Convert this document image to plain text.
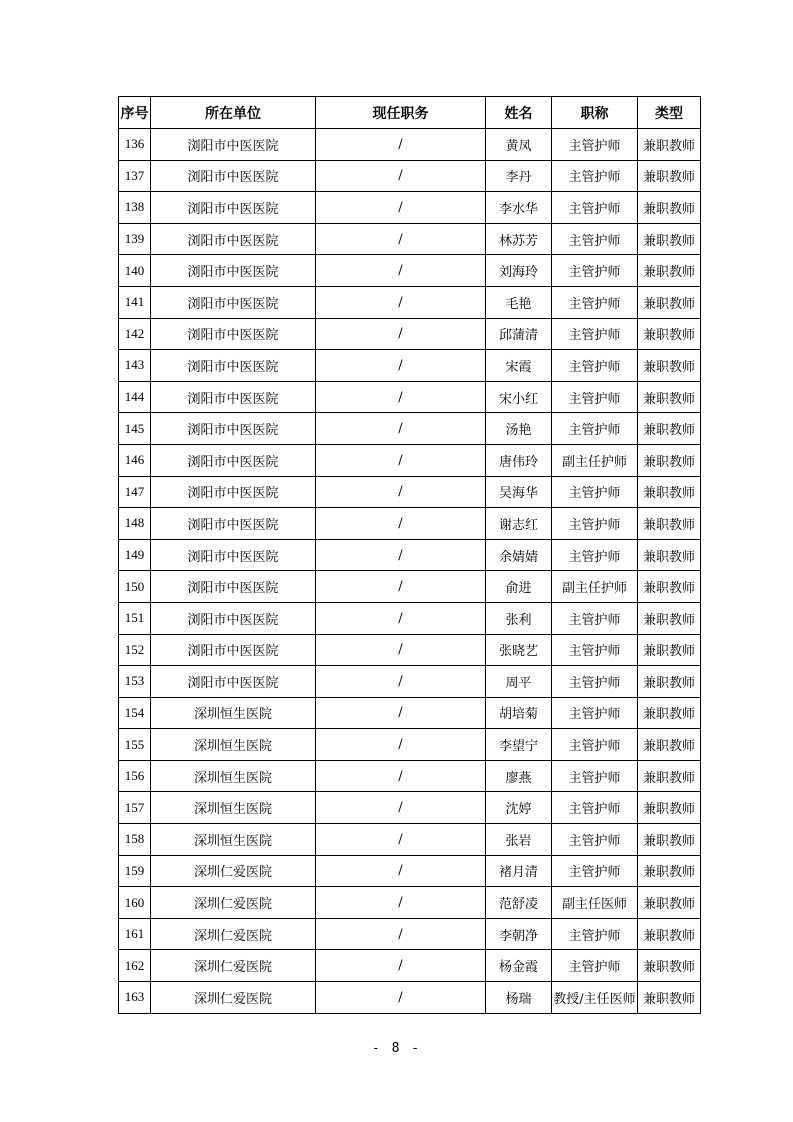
序号	所在单位	现任职务	姓名	职称	类型
136	浏阳市中医医院	/	黄凤	主管护师	兼职教师
137	浏阳市中医医院	/	李丹	主管护师	兼职教师
138	浏阳市中医医院	/	李水华	主管护师	兼职教师
139	浏阳市中医医院	/	林苏芳	主管护师	兼职教师
140	浏阳市中医医院	/	刘海玲	主管护师	兼职教师
141	浏阳市中医医院	/	毛艳	主管护师	兼职教师
142	浏阳市中医医院	/	邱蒲清	主管护师	兼职教师
143	浏阳市中医医院	/	宋霞	主管护师	兼职教师
144	浏阳市中医医院	/	宋小红	主管护师	兼职教师
145	浏阳市中医医院	/	汤艳	主管护师	兼职教师
146	浏阳市中医医院	/	唐伟玲	副主任护师	兼职教师
147	浏阳市中医医院	/	吴海华	主管护师	兼职教师
148	浏阳市中医医院	/	谢志红	主管护师	兼职教师
149	浏阳市中医医院	/	余婧婧	主管护师	兼职教师
150	浏阳市中医医院	/	俞进	副主任护师	兼职教师
151	浏阳市中医医院	/	张利	主管护师	兼职教师
152	浏阳市中医医院	/	张晓艺	主管护师	兼职教师
153	浏阳市中医医院	/	周平	主管护师	兼职教师
154	深圳恒生医院	/	胡培菊	主管护师	兼职教师
155	深圳恒生医院	/	李望宁	主管护师	兼职教师
156	深圳恒生医院	/	廖燕	主管护师	兼职教师
157	深圳恒生医院	/	沈婷	主管护师	兼职教师
158	深圳恒生医院	/	张岩	主管护师	兼职教师
159	深圳仁爱医院	/	褚月清	主管护师	兼职教师
160	深圳仁爱医院	/	范舒凌	副主任医师	兼职教师
161	深圳仁爱医院	/	李朝净	主管护师	兼职教师
162	深圳仁爱医院	/	杨金霞	主管护师	兼职教师
163	深圳仁爱医院	/	杨瑞	教授/主任医师	兼职教师
- 8 -
